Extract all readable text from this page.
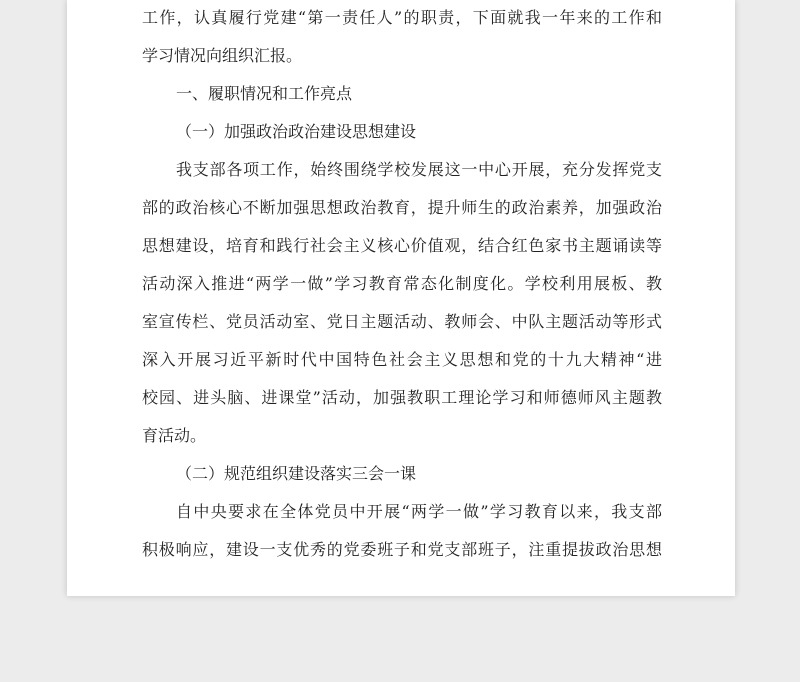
工作，认真履行党建“第一责任人”的职责，下面就我一年来的工作和
学习情况向组织汇报。
一、履职情况和工作亮点
（一）加强政治政治建设思想建设
我支部各项工作，始终围绕学校发展这一中心开展，充分发挥党支
部的政治核心不断加强思想政治教育，提升师生的政治素养，加强政治
思想建设，培育和践行社会主义核心价值观，结合红色家书主题诵读等
活动深入推进“两学一做”学习教育常态化制度化。学校利用展板、教
室宣传栏、党员活动室、党日主题活动、教师会、中队主题活动等形式
深入开展习近平新时代中国特色社会主义思想和党的十九大精神“进
校园、进头脑、进课堂”活动，加强教职工理论学习和师德师风主题教
育活动。
（二）规范组织建设落实三会一课
自中央要求在全体党员中开展“两学一做”学习教育以来，我支部
积极响应，建设一支优秀的党委班子和党支部班子，注重提拔政治思想
